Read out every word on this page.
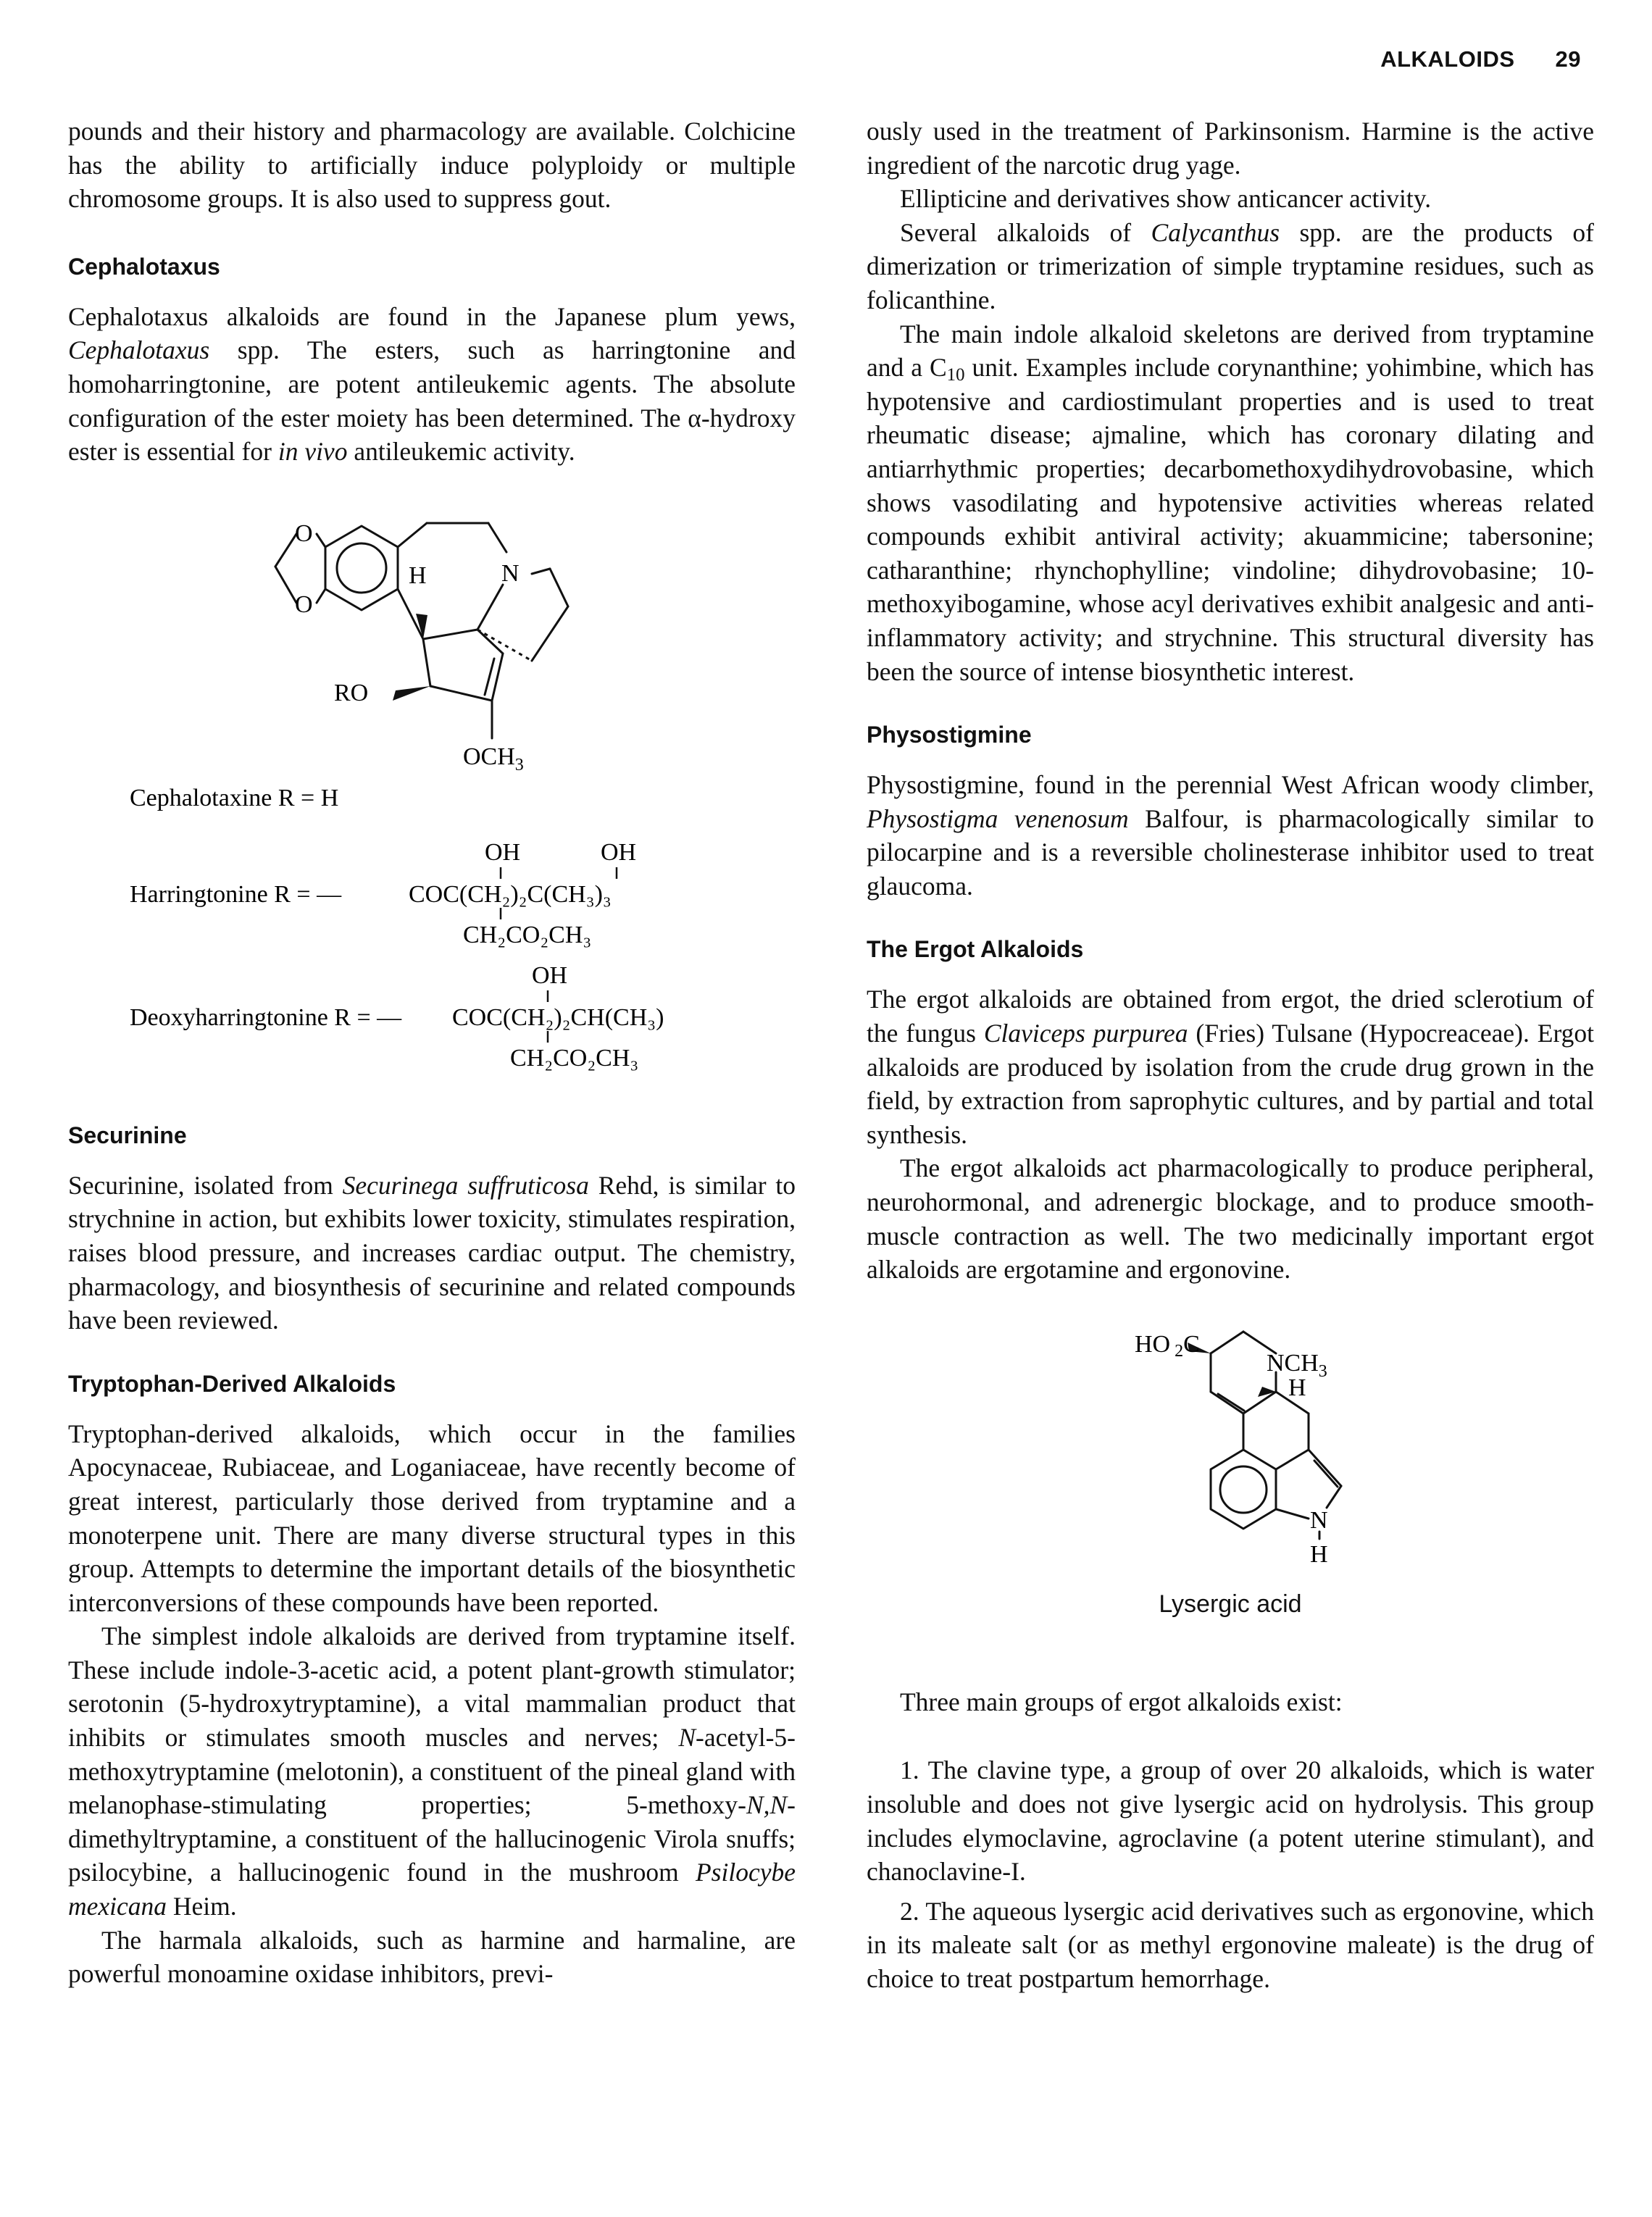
ALKALOIDS 29

pounds and their history and pharmacology are available. Colchicine has the ability to artificially induce polyploidy or multiple chromosome groups. It is also used to suppress gout.

Cephalotaxus

Cephalotaxus alkaloids are found in the Japanese plum yews, Cephalotaxus spp. The esters, such as harringtonine and homoharringtonine, are potent antileukemic agents. The absolute configuration of the ester moiety has been determined. The α-hydroxy ester is essential for in vivo antileukemic activity.

O
O
H	N
RO
$OCH_3$
Cephalotaxine R = H
OH	OH
Harringtonine R = —	COC(CH₂)₂C(CH₃)₃
CH₂CO₂CH₃
OH
Deoxyharringtonine R = — COC(CH₂)₂CH(CH₃)
CH₂CO₂CH₃
Securinine

Securinine, isolated from Securinega suffruticosa Rehd, is similar to strychnine in action, but exhibits lower toxicity, stimulates respiration, raises blood pressure, and increases cardiac output. The chemistry, pharmacology, and biosynthesis of securinine and related compounds have been reviewed.

Tryptophan-Derived Alkaloids

Tryptophan-derived alkaloids, which occur in the families Apocynaceae, Rubiaceae, and Loganiaceae, have recently become of great interest, particularly those derived from tryptamine and a monoterpene unit. There are many diverse structural types in this group. Attempts to determine the important details of the biosynthetic interconversions of these compounds have been reported.

The simplest indole alkaloids are derived from tryptamine itself. These include indole-3-acetic acid, a potent plant-growth stimulator; serotonin (5-hydroxytryptamine), a vital mammalian product that inhibits or stimulates smooth muscles and nerves; N-acetyl-5-methoxytryptamine (melotonin), a constituent of the pineal gland with melanophase-stimulating properties; 5-methoxy-N,N-dimethyltryptamine, a constituent of the hallucinogenic Virola snuffs; psilocybine, a hallucinogenic found in the mushroom Psilocybe mexicana Heim.

The harmala alkaloids, such as harmine and harmaline, are powerful monoamine oxidase inhibitors, previ-

ously used in the treatment of Parkinsonism. Harmine is the active ingredient of the narcotic drug yage.

Ellipticine and derivatives show anticancer activity.

Several alkaloids of Calycanthus spp. are the products of dimerization or trimerization of simple tryptamine residues, such as folicanthine.

The main indole alkaloid skeletons are derived from tryptamine and a $C_{10}$ unit. Examples include corynanthine; yohimbine, which has hypotensive and cardiostimulant properties and is used to treat rheumatic disease; ajmaline, which has coronary dilating and antiarrhythmic properties; decarbomethoxydihydrovobasine, which shows vasodilating and hypotensive activities whereas related compounds exhibit antiviral activity; akuammicine; tabersonine; catharanthine; rhynchophylline; vindoline; dihydrovobasine; 10-methoxyibogamine, whose acyl derivatives exhibit analgesic and anti-inflammatory activity; and strychnine. This structural diversity has been the source of intense biosynthetic interest.

Physostigmine

Physostigmine, found in the perennial West African woody climber, Physostigma venenosum Balfour, is pharmacologically similar to pilocarpine and is a reversible cholinesterase inhibitor used to treat glaucoma.

The Ergot Alkaloids

The ergot alkaloids are obtained from ergot, the dried sclerotium of the fungus Claviceps purpurea (Fries) Tulsane (Hypocreaceae). Ergot alkaloids are produced by isolation from the crude drug grown in the field, by extraction from saprophytic cultures, and by partial and total synthesis.

The ergot alkaloids act pharmacologically to produce peripheral, neurohormonal, and adrenergic blockage, and to produce smooth-muscle contraction as well. The two medicinally important ergot alkaloids are ergotamine and ergonovine.

HO 2C
$NCH_3$
H
N
H
Lysergic acid

Three main groups of ergot alkaloids exist:

1. The clavine type, a group of over 20 alkaloids, which is water insoluble and does not give lysergic acid on hydrolysis. This group includes elymoclavine, agroclavine (a potent uterine stimulant), and chanoclavine-I.

2. The aqueous lysergic acid derivatives such as ergonovine, which in its maleate salt (or as methyl ergonovine maleate) is the drug of choice to treat postpartum hemorrhage.
